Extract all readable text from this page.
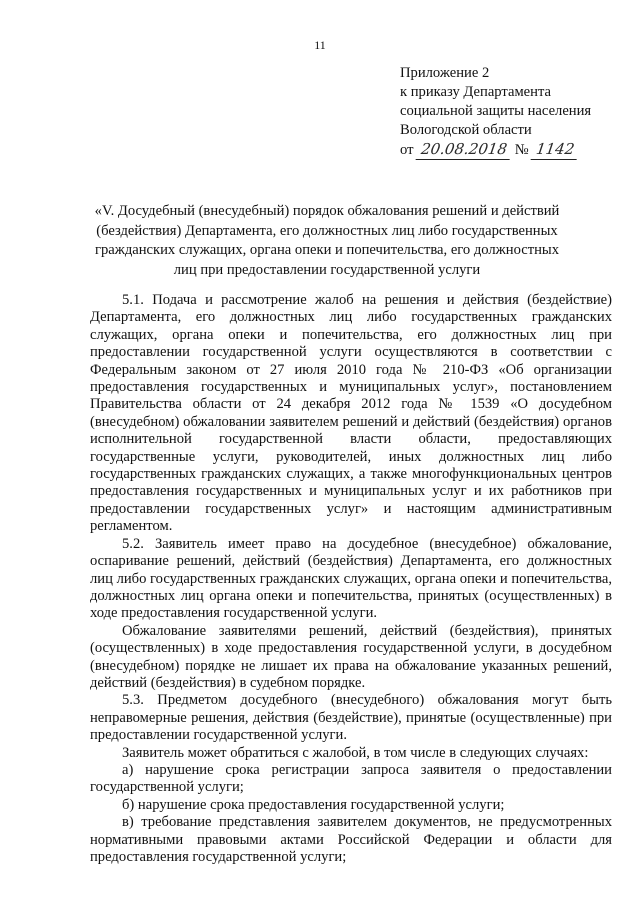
11
Приложение 2
к приказу Департамента
социальной защиты населения
Вологодской области
от 20.08.2018 № 1142
«V. Досудебный (внесудебный) порядок обжалования решений и действий (бездействия) Департамента, его должностных лиц либо государственных гражданских служащих, органа опеки и попечительства, его должностных лиц при предоставлении государственной услуги

5.1. Подача и рассмотрение жалоб на решения и действия (бездействие) Департамента, его должностных лиц либо государственных гражданских служащих, органа опеки и попечительства, его должностных лиц при предоставлении государственной услуги осуществляются в соответствии с Федеральным законом от 27 июля 2010 года № 210-ФЗ «Об организации предоставления государственных и муниципальных услуг», постановлением Правительства области от 24 декабря 2012 года № 1539 «О досудебном (внесудебном) обжаловании заявителем решений и действий (бездействия) органов исполнительной государственной власти области, предоставляющих государственные услуги, руководителей, иных должностных лиц либо государственных гражданских служащих, а также многофункциональных центров предоставления государственных и муниципальных услуг и их работников при предоставлении государственных услуг» и настоящим административным регламентом.

5.2. Заявитель имеет право на досудебное (внесудебное) обжалование, оспаривание решений, действий (бездействия) Департамента, его должностных лиц либо государственных гражданских служащих, органа опеки и попечительства, должностных лиц органа опеки и попечительства, принятых (осуществленных) в ходе предоставления государственной услуги.

Обжалование заявителями решений, действий (бездействия), принятых (осуществленных) в ходе предоставления государственной услуги, в досудебном (внесудебном) порядке не лишает их права на обжалование указанных решений, действий (бездействия) в судебном порядке.

5.3. Предметом досудебного (внесудебного) обжалования могут быть неправомерные решения, действия (бездействие), принятые (осуществленные) при предоставлении государственной услуги.

Заявитель может обратиться с жалобой, в том числе в следующих случаях:

а) нарушение срока регистрации запроса заявителя о предоставлении государственной услуги;

б) нарушение срока предоставления государственной услуги;

в) требование представления заявителем документов, не предусмотренных нормативными правовыми актами Российской Федерации и области для предоставления государственной услуги;
